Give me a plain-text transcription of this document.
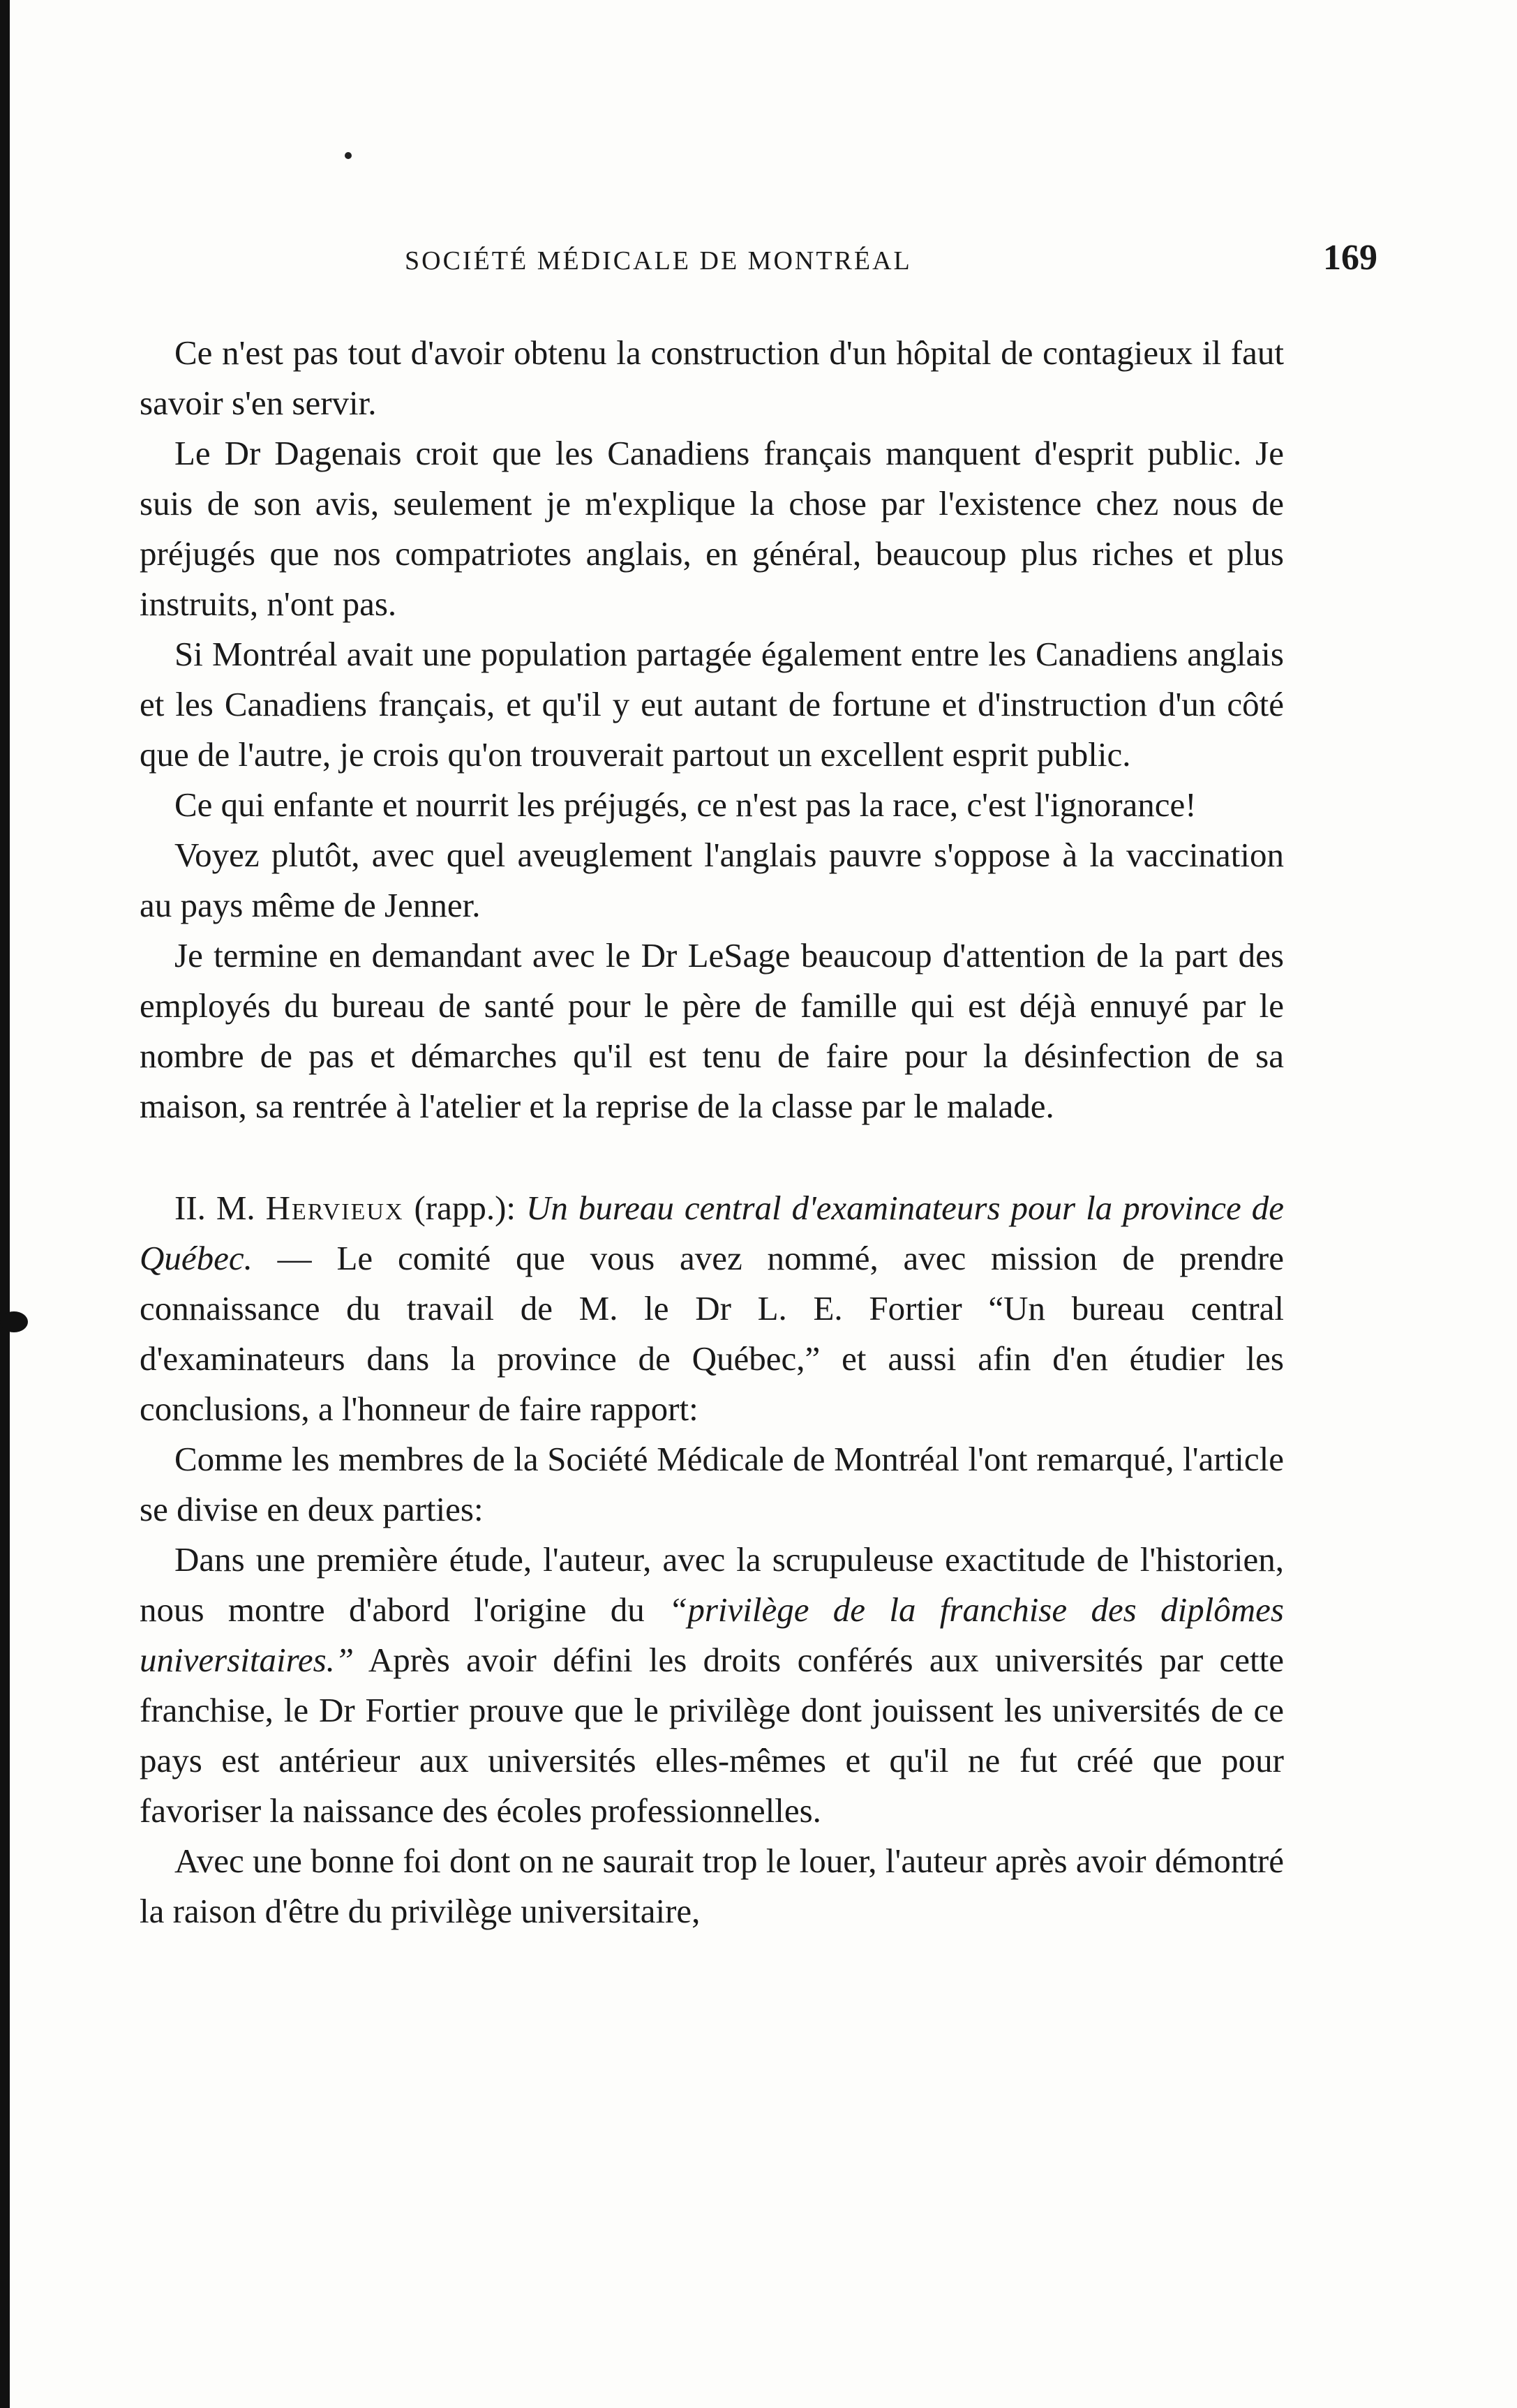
SOCIÉTÉ MÉDICALE DE MONTRÉAL	169

Ce n'est pas tout d'avoir obtenu la construction d'un hôpital de contagieux il faut savoir s'en servir.

Le Dr Dagenais croit que les Canadiens français manquent d'esprit public. Je suis de son avis, seulement je m'explique la chose par l'existence chez nous de préjugés que nos compatriotes anglais, en général, beaucoup plus riches et plus instruits, n'ont pas.

Si Montréal avait une population partagée également entre les Canadiens anglais et les Canadiens français, et qu'il y eut autant de fortune et d'instruction d'un côté que de l'autre, je crois qu'on trouverait partout un excellent esprit public.

Ce qui enfante et nourrit les préjugés, ce n'est pas la race, c'est l'ignorance!

Voyez plutôt, avec quel aveuglement l'anglais pauvre s'oppose à la vaccination au pays même de Jenner.

Je termine en demandant avec le Dr LeSage beaucoup d'attention de la part des employés du bureau de santé pour le père de famille qui est déjà ennuyé par le nombre de pas et démarches qu'il est tenu de faire pour la désinfection de sa maison, sa rentrée à l'atelier et la reprise de la classe par le malade.

II. M. Hervieux (rapp.): Un bureau central d'examinateurs pour la province de Québec. — Le comité que vous avez nommé, avec mission de prendre connaissance du travail de M. le Dr L. E. Fortier “Un bureau central d'examinateurs dans la province de Québec,” et aussi afin d'en étudier les conclusions, a l'honneur de faire rapport:

Comme les membres de la Société Médicale de Montréal l'ont remarqué, l'article se divise en deux parties:

Dans une première étude, l'auteur, avec la scrupuleuse exactitude de l'historien, nous montre d'abord l'origine du “privilège de la franchise des diplômes universitaires.” Après avoir défini les droits conférés aux universités par cette franchise, le Dr Fortier prouve que le privilège dont jouissent les universités de ce pays est antérieur aux universités elles-mêmes et qu'il ne fut créé que pour favoriser la naissance des écoles professionnelles.

Avec une bonne foi dont on ne saurait trop le louer, l'auteur après avoir démontré la raison d'être du privilège universitaire,
